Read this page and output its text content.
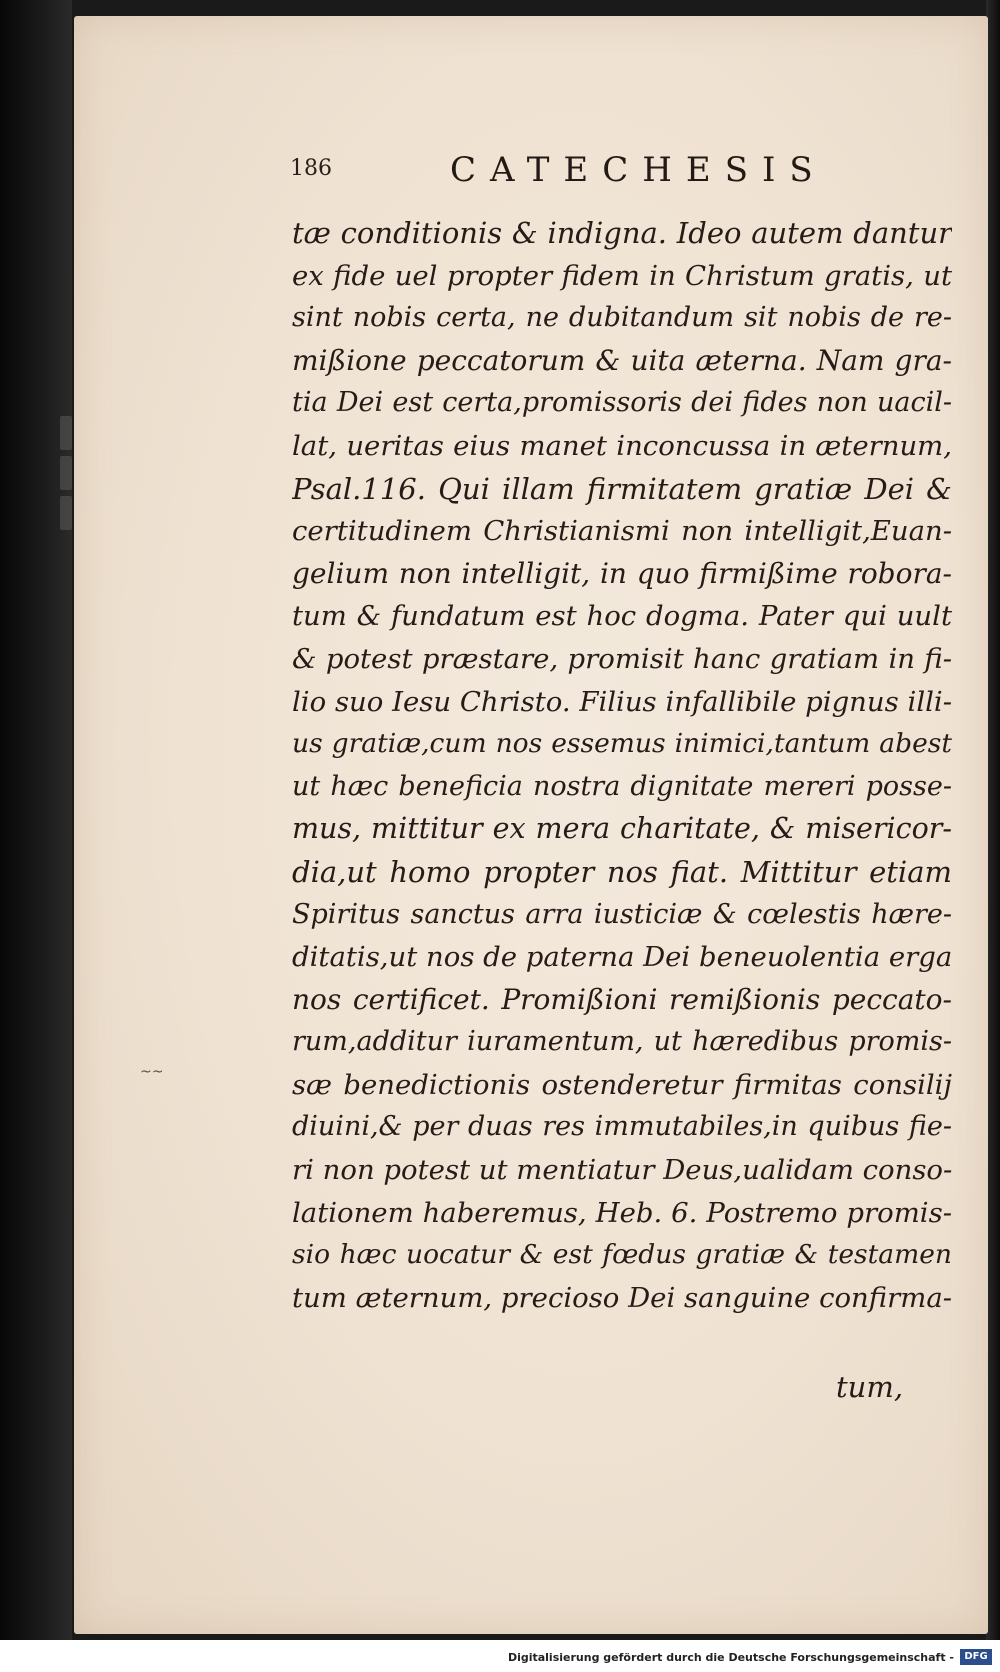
186	CATECHESIS
~~
tæ conditionis & indigna. Ideo autem dantur
ex fide uel propter fidem in Christum gratis, ut
sint nobis certa, ne dubitandum sit nobis de re-
mißione peccatorum & uita æterna. Nam gra-
tia Dei est certa,promissoris dei fides non uacil-
lat, ueritas eius manet inconcussa in æternum,
Psal.116. Qui illam firmitatem gratiæ Dei &
certitudinem Christianismi non intelligit,Euan-
gelium non intelligit, in quo firmißime robora-
tum & fundatum est hoc dogma. Pater qui uult
& potest præstare, promisit hanc gratiam in fi-
lio suo Iesu Christo. Filius infallibile pignus illi-
us gratiæ,cum nos essemus inimici,tantum abest
ut hæc beneficia nostra dignitate mereri posse-
mus, mittitur ex mera charitate, & misericor-
dia,ut homo propter nos fiat. Mittitur etiam
Spiritus sanctus arra iusticiæ & cœlestis hære-
ditatis,ut nos de paterna Dei beneuolentia erga
nos certificet. Promißioni remißionis peccato-
rum,additur iuramentum, ut hæredibus promis-
sæ benedictionis ostenderetur firmitas consilij
diuini,& per duas res immutabiles,in quibus fie-
ri non potest ut mentiatur Deus,ualidam conso-
lationem haberemus, Heb. 6. Postremo promis-
sio hæc uocatur & est fœdus gratiæ & testamen
tum æternum, precioso Dei sanguine confirma-
tum,
Digitalisierung gefördert durch die Deutsche Forschungsgemeinschaft -	DFG
